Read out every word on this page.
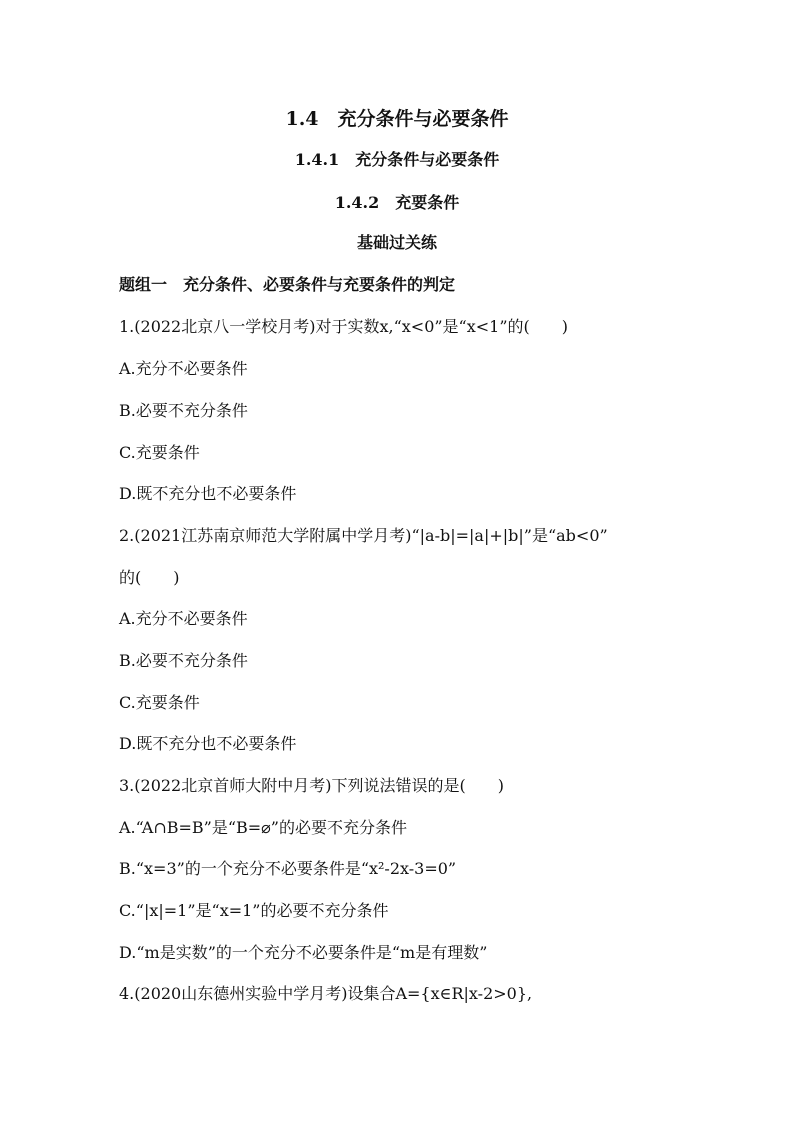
1.4　充分条件与必要条件
1.4.1　充分条件与必要条件
1.4.2　充要条件
基础过关练
题组一　充分条件、必要条件与充要条件的判定
1.(2022北京八一学校月考)对于实数x,“x<0”是“x<1”的(　　)
A.充分不必要条件
B.必要不充分条件
C.充要条件
D.既不充分也不必要条件
2.(2021江苏南京师范大学附属中学月考)“|a-b|=|a|+|b|”是“ab<0”
的(　　)
A.充分不必要条件
B.必要不充分条件
C.充要条件
D.既不充分也不必要条件
3.(2022北京首师大附中月考)下列说法错误的是(　　)
A.“A∩B=B”是“B=⌀”的必要不充分条件
B.“x=3”的一个充分不必要条件是“x²-2x-3=0”
C.“|x|=1”是“x=1”的必要不充分条件
D.“m是实数”的一个充分不必要条件是“m是有理数”
4.(2020山东德州实验中学月考)设集合A={x∈R|x-2>0},
